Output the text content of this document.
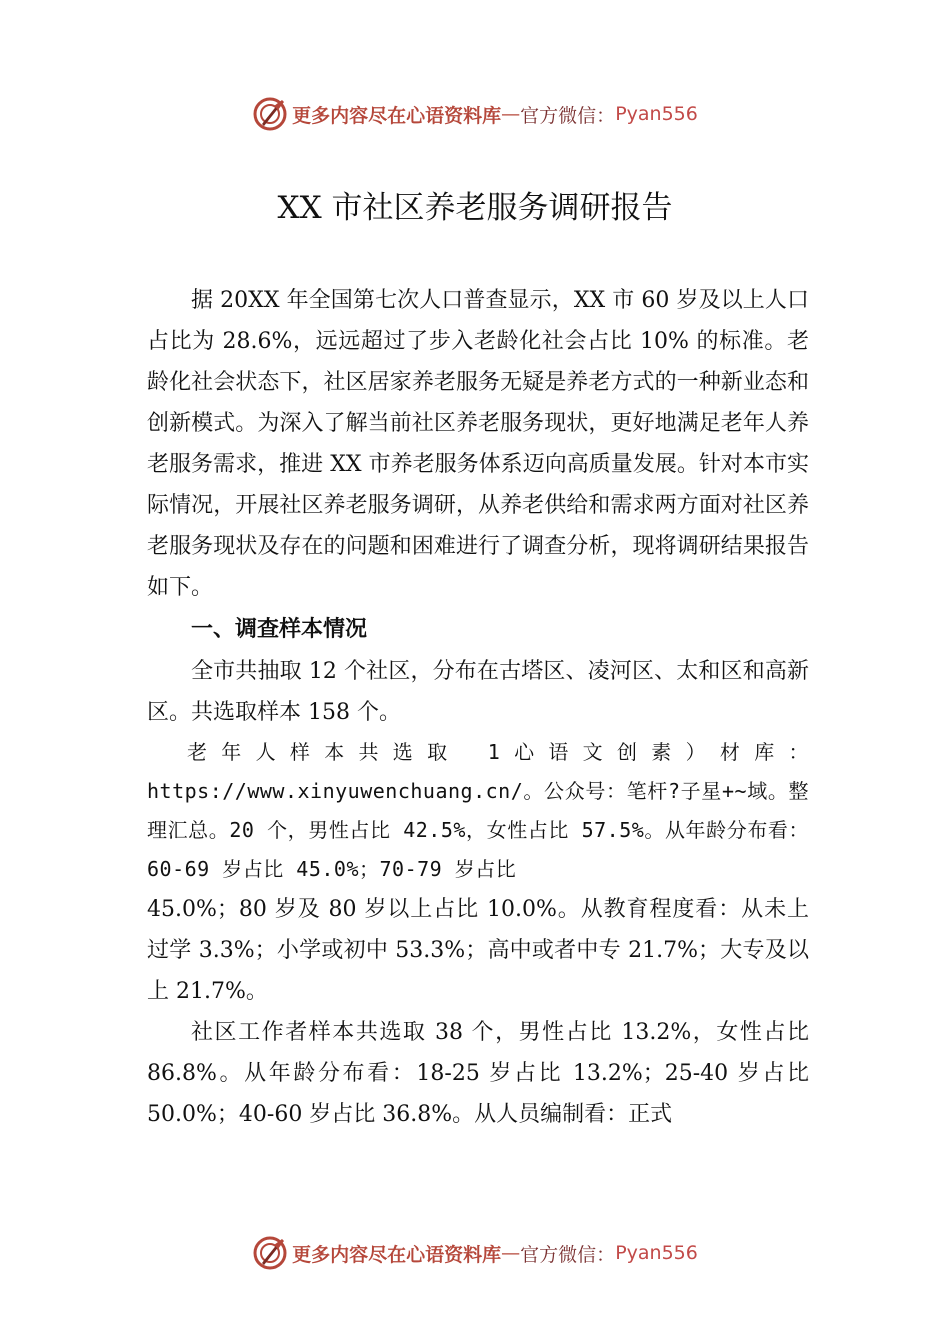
更多内容尽在心语资料库 — 官方微信： Pyan556
XX 市社区养老服务调研报告

据 20XX 年全国第七次人口普查显示，XX 市 60 岁及以上人口占比为 28.6%，远远超过了步入老龄化社会占比 10% 的标准。老龄化社会状态下，社区居家养老服务无疑是养老方式的一种新业态和创新模式。为深入了解当前社区养老服务现状，更好地满足老年人养老服务需求，推进 XX 市养老服务体系迈向高质量发展。针对本市实际情况，开展社区养老服务调研，从养老供给和需求两方面对社区养老服务现状及存在的问题和困难进行了调查分析，现将调研结果报告如下。

一、调查样本情况

全市共抽取 12 个社区，分布在古塔区、凌河区、太和区和高新区。共选取样本 158 个。

老年人样本共选取 1心语文创素）材库：https://www.xinyuwenchuang.cn/。公众号：笔杆?子星+~域。整理汇总。20 个，男性占比 42.5%，女性占比 57.5%。从年龄分布看：60-69 岁占比 45.0%；70-79 岁占比

45.0%；80 岁及 80 岁以上占比 10.0%。从教育程度看：从未上过学 3.3%；小学或初中 53.3%；高中或者中专 21.7%；大专及以上 21.7%。

社区工作者样本共选取 38 个，男性占比 13.2%，女性占比 86.8%。从年龄分布看：18-25 岁占比 13.2%；25-40 岁占比 50.0%；40-60 岁占比 36.8%。从人员编制看：正式

更多内容尽在心语资料库 — 官方微信： Pyan556
